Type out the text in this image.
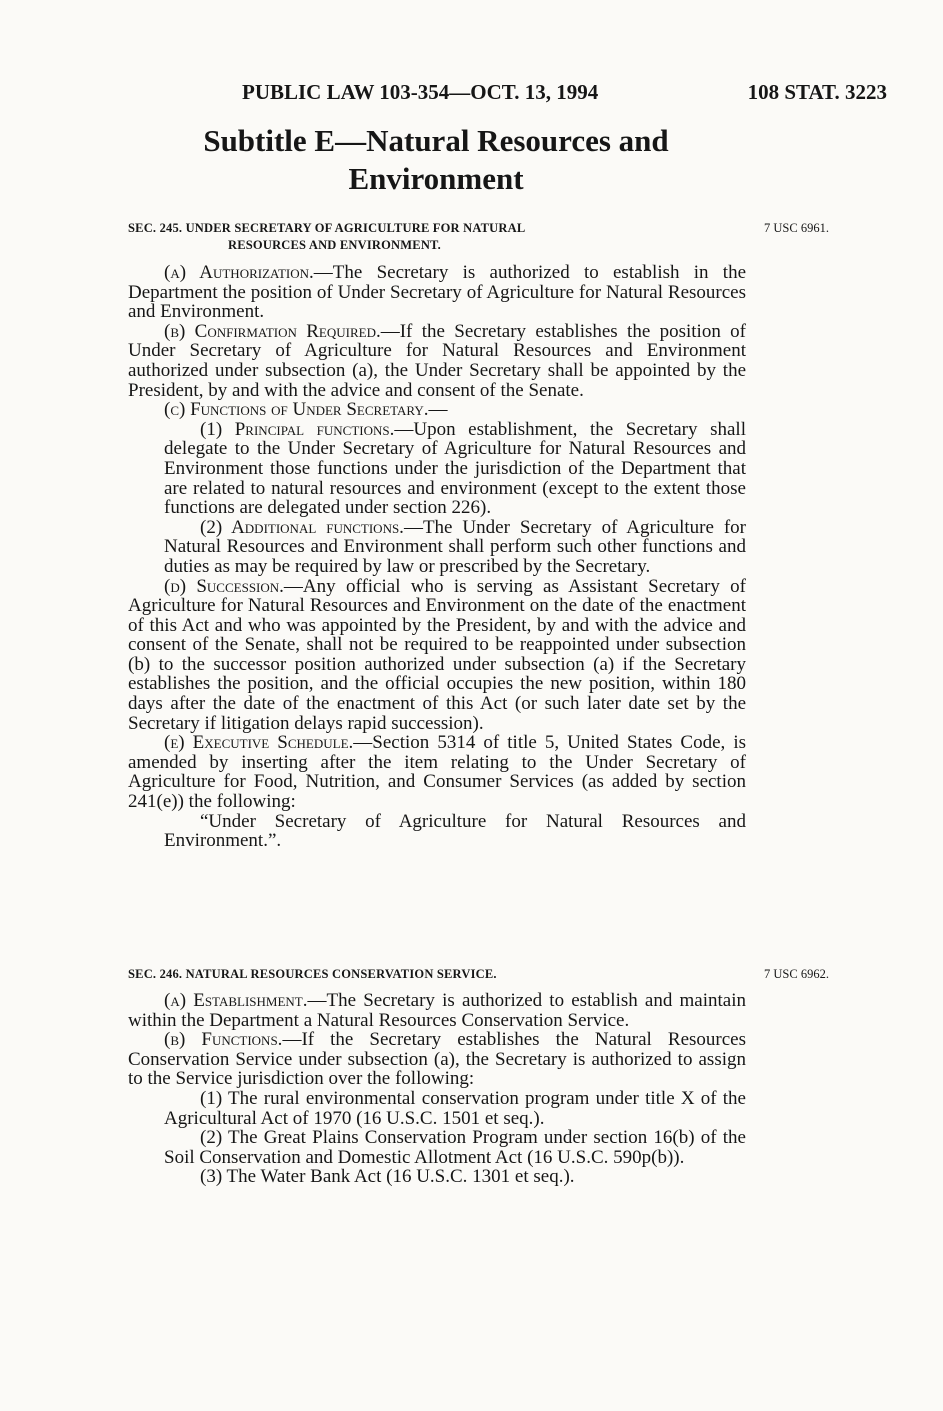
PUBLIC LAW 103-354—OCT. 13, 1994	108 STAT. 3223
Subtitle E—Natural Resources and
Environment
SEC. 245. UNDER SECRETARY OF AGRICULTURE FOR NATURAL
RESOURCES AND ENVIRONMENT.
7 USC 6961.

(a) Authorization.—The Secretary is authorized to establish in the Department the position of Under Secretary of Agriculture for Natural Resources and Environment.

(b) Confirmation Required.—If the Secretary establishes the position of Under Secretary of Agriculture for Natural Resources and Environment authorized under subsection (a), the Under Secretary shall be appointed by the President, by and with the advice and consent of the Senate.

(c) Functions of Under Secretary.—

(1) Principal functions.—Upon establishment, the Secretary shall delegate to the Under Secretary of Agriculture for Natural Resources and Environment those functions under the jurisdiction of the Department that are related to natural resources and environment (except to the extent those functions are delegated under section 226).

(2) Additional functions.—The Under Secretary of Agriculture for Natural Resources and Environment shall perform such other functions and duties as may be required by law or prescribed by the Secretary.

(d) Succession.—Any official who is serving as Assistant Secretary of Agriculture for Natural Resources and Environment on the date of the enactment of this Act and who was appointed by the President, by and with the advice and consent of the Senate, shall not be required to be reappointed under subsection (b) to the successor position authorized under subsection (a) if the Secretary establishes the position, and the official occupies the new position, within 180 days after the date of the enactment of this Act (or such later date set by the Secretary if litigation delays rapid succession).

(e) Executive Schedule.—Section 5314 of title 5, United States Code, is amended by inserting after the item relating to the Under Secretary of Agriculture for Food, Nutrition, and Consumer Services (as added by section 241(e)) the following:

“Under Secretary of Agriculture for Natural Resources and Environment.”.

SEC. 246. NATURAL RESOURCES CONSERVATION SERVICE.	7 USC 6962.

(a) Establishment.—The Secretary is authorized to establish and maintain within the Department a Natural Resources Conservation Service.

(b) Functions.—If the Secretary establishes the Natural Resources Conservation Service under subsection (a), the Secretary is authorized to assign to the Service jurisdiction over the following:

(1) The rural environmental conservation program under title X of the Agricultural Act of 1970 (16 U.S.C. 1501 et seq.).

(2) The Great Plains Conservation Program under section 16(b) of the Soil Conservation and Domestic Allotment Act (16 U.S.C. 590p(b)).

(3) The Water Bank Act (16 U.S.C. 1301 et seq.).
